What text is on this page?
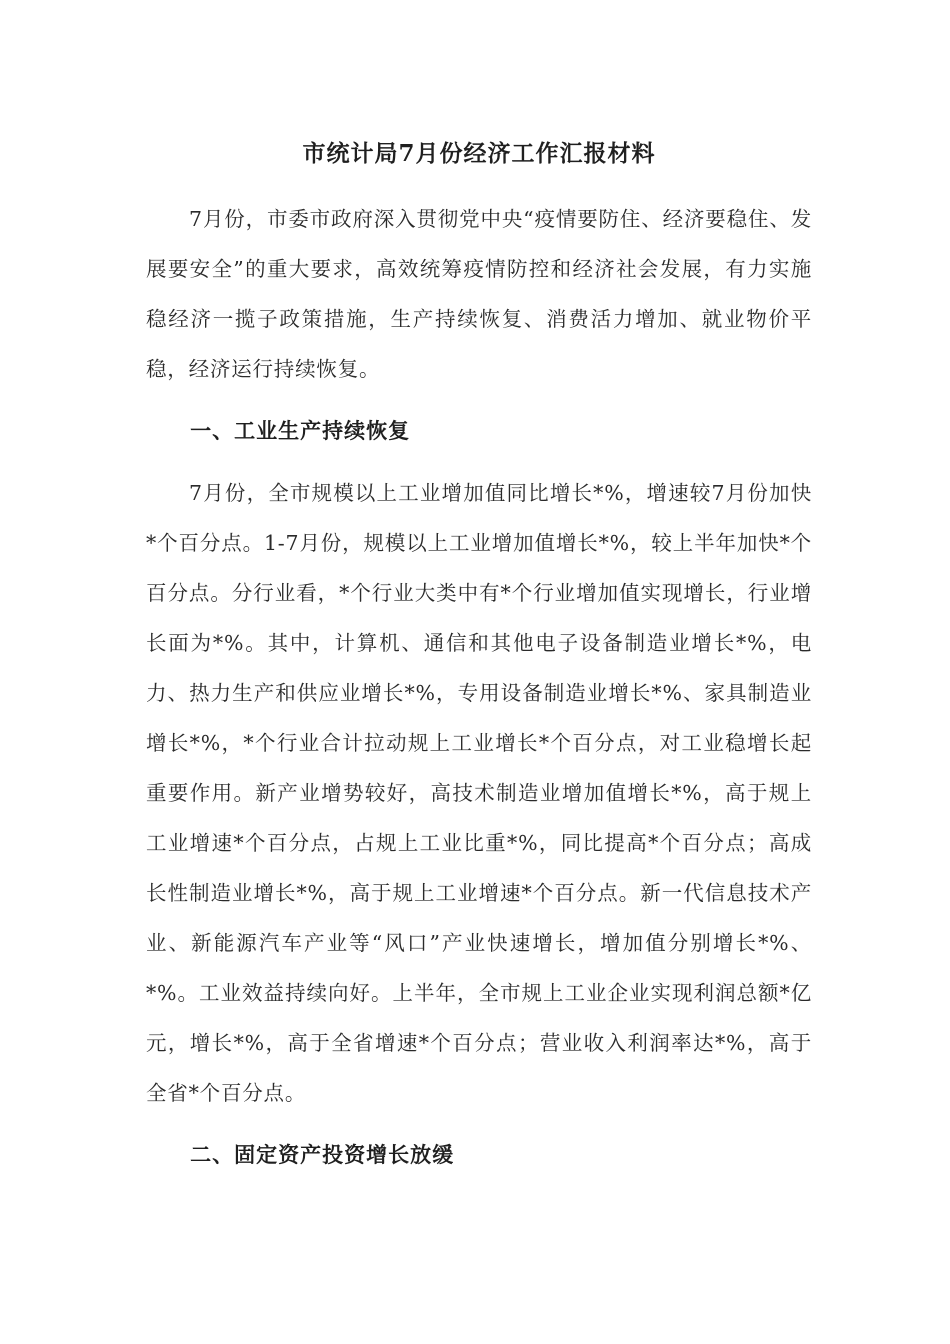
市统计局7月份经济工作汇报材料

7月份，市委市政府深入贯彻党中央“疫情要防住、经济要稳住、发展要安全”的重大要求，高效统筹疫情防控和经济社会发展，有力实施稳经济一揽子政策措施，生产持续恢复、消费活力增加、就业物价平稳，经济运行持续恢复。

一、工业生产持续恢复

7月份，全市规模以上工业增加值同比增长*%，增速较7月份加快*个百分点。1-7月份，规模以上工业增加值增长*%，较上半年加快*个百分点。分行业看，*个行业大类中有*个行业增加值实现增长，行业增长面为*%。其中，计算机、通信和其他电子设备制造业增长*%，电力、热力生产和供应业增长*%，专用设备制造业增长*%、家具制造业增长*%，*个行业合计拉动规上工业增长*个百分点，对工业稳增长起重要作用。新产业增势较好，高技术制造业增加值增长*%，高于规上工业增速*个百分点，占规上工业比重*%，同比提高*个百分点；高成长性制造业增长*%，高于规上工业增速*个百分点。新一代信息技术产业、新能源汽车产业等“风口”产业快速增长，增加值分别增长*%、*%。工业效益持续向好。上半年，全市规上工业企业实现利润总额*亿元，增长*%，高于全省增速*个百分点；营业收入利润率达*%，高于全省*个百分点。

二、固定资产投资增长放缓
